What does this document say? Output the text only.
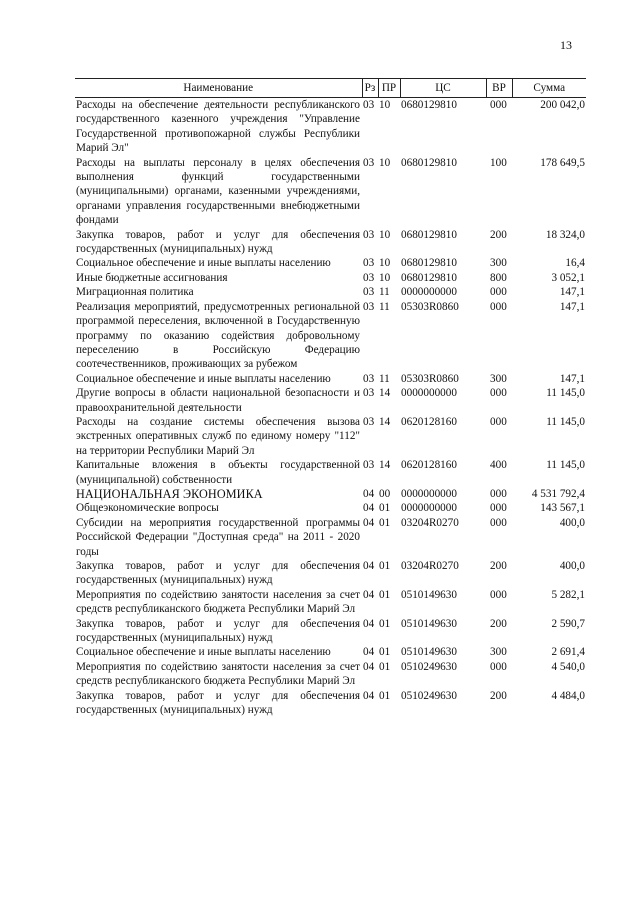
13
Наименование	Рз	ПР	ЦС	ВР	Сумма
Расходы на обеспечение деятельности республиканского государственного казенного учреждения "Управление Государственной противопожарной службы Республики Марий Эл"	03	10	0680129810	000	200 042,0
Расходы на выплаты персоналу в целях обеспечения выполнения функций государственными (муниципальными) органами, казенными учреждениями, органами управления государственными внебюджетными фондами	03	10	0680129810	100	178 649,5
Закупка товаров, работ и услуг для обеспечения государственных (муниципальных) нужд	03	10	0680129810	200	18 324,0
Социальное обеспечение и иные выплаты населению	03	10	0680129810	300	16,4
Иные бюджетные ассигнования	03	10	0680129810	800	3 052,1
Миграционная политика	03	11	0000000000	000	147,1
Реализация мероприятий, предусмотренных региональной программой переселения, включенной в Государственную программу по оказанию содействия добровольному переселению в Российскую Федерацию соотечественников, проживающих за рубежом	03	11	05303R0860	000	147,1
Социальное обеспечение и иные выплаты населению	03	11	05303R0860	300	147,1
Другие вопросы в области национальной безопасности и правоохранительной деятельности	03	14	0000000000	000	11 145,0
Расходы на создание системы обеспечения вызова экстренных оперативных служб по единому номеру "112" на территории Республики Марий Эл	03	14	0620128160	000	11 145,0
Капитальные вложения в объекты государственной (муниципальной) собственности	03	14	0620128160	400	11 145,0
НАЦИОНАЛЬНАЯ ЭКОНОМИКА	04	00	0000000000	000	4 531 792,4
Общеэкономические вопросы	04	01	0000000000	000	143 567,1
Субсидии на мероприятия государственной программы Российской Федерации "Доступная среда" на 2011 - 2020 годы	04	01	03204R0270	000	400,0
Закупка товаров, работ и услуг для обеспечения государственных (муниципальных) нужд	04	01	03204R0270	200	400,0
Мероприятия по содействию занятости населения за счет средств республиканского бюджета Республики Марий Эл	04	01	0510149630	000	5 282,1
Закупка товаров, работ и услуг для обеспечения государственных (муниципальных) нужд	04	01	0510149630	200	2 590,7
Социальное обеспечение и иные выплаты населению	04	01	0510149630	300	2 691,4
Мероприятия по содействию занятости населения за счет средств республиканского бюджета Республики Марий Эл	04	01	0510249630	000	4 540,0
Закупка товаров, работ и услуг для обеспечения государственных (муниципальных) нужд	04	01	0510249630	200	4 484,0
